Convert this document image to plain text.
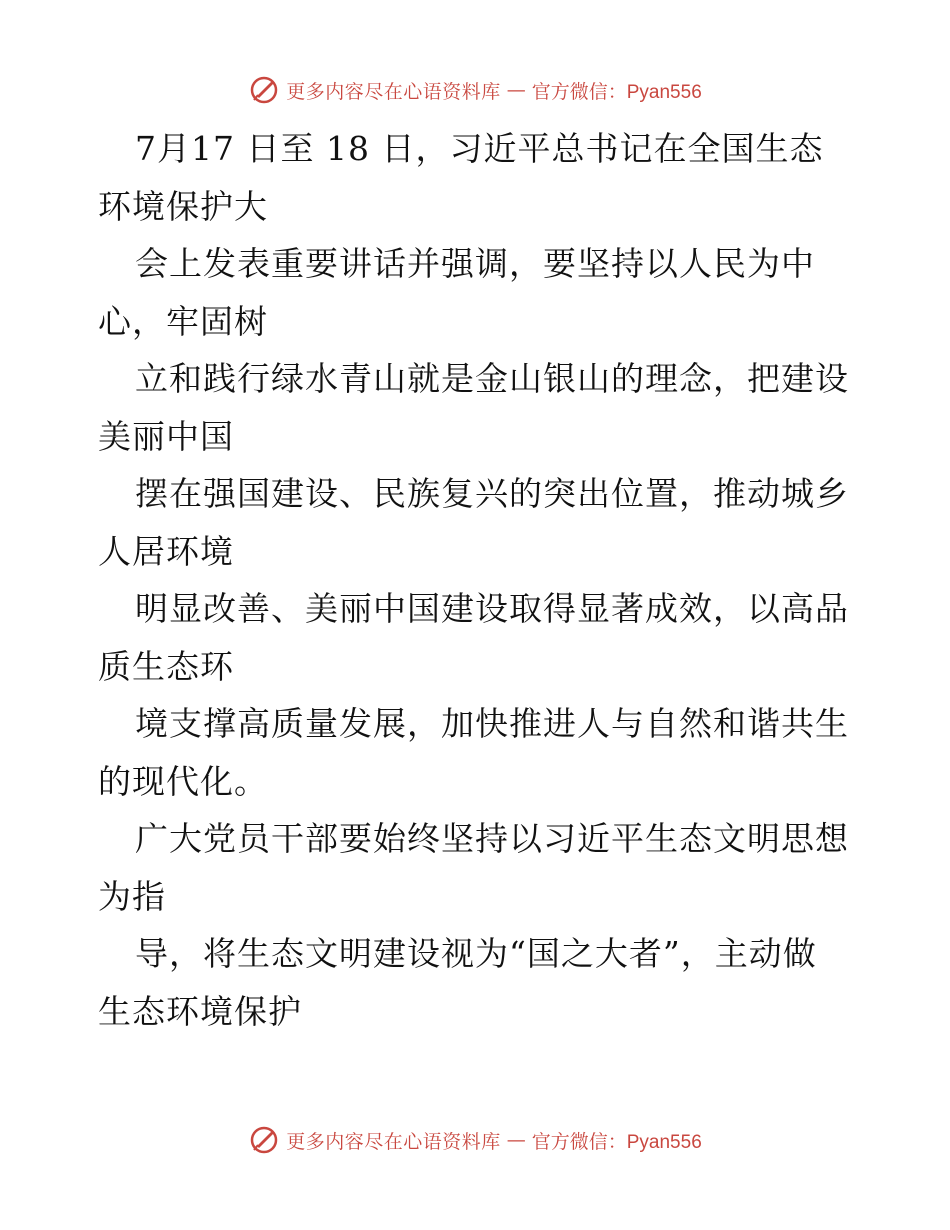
更多内容尽在心语资料库 — 官方微信：Pyan556
7月17 日至 18 日，习近平总书记在全国生态
环境保护大
会上发表重要讲话并强调，要坚持以人民为中
心，牢固树
立和践行绿水青山就是金山银山的理念，把建设
美丽中国
摆在强国建设、民族复兴的突出位置，推动城乡
人居环境
明显改善、美丽中国建设取得显著成效，以高品
质生态环
境支撑高质量发展，加快推进人与自然和谐共生
的现代化。
广大党员干部要始终坚持以习近平生态文明思想
为指
导，将生态文明建设视为“国之大者”，主动做
生态环境保护
更多内容尽在心语资料库 — 官方微信：Pyan556
